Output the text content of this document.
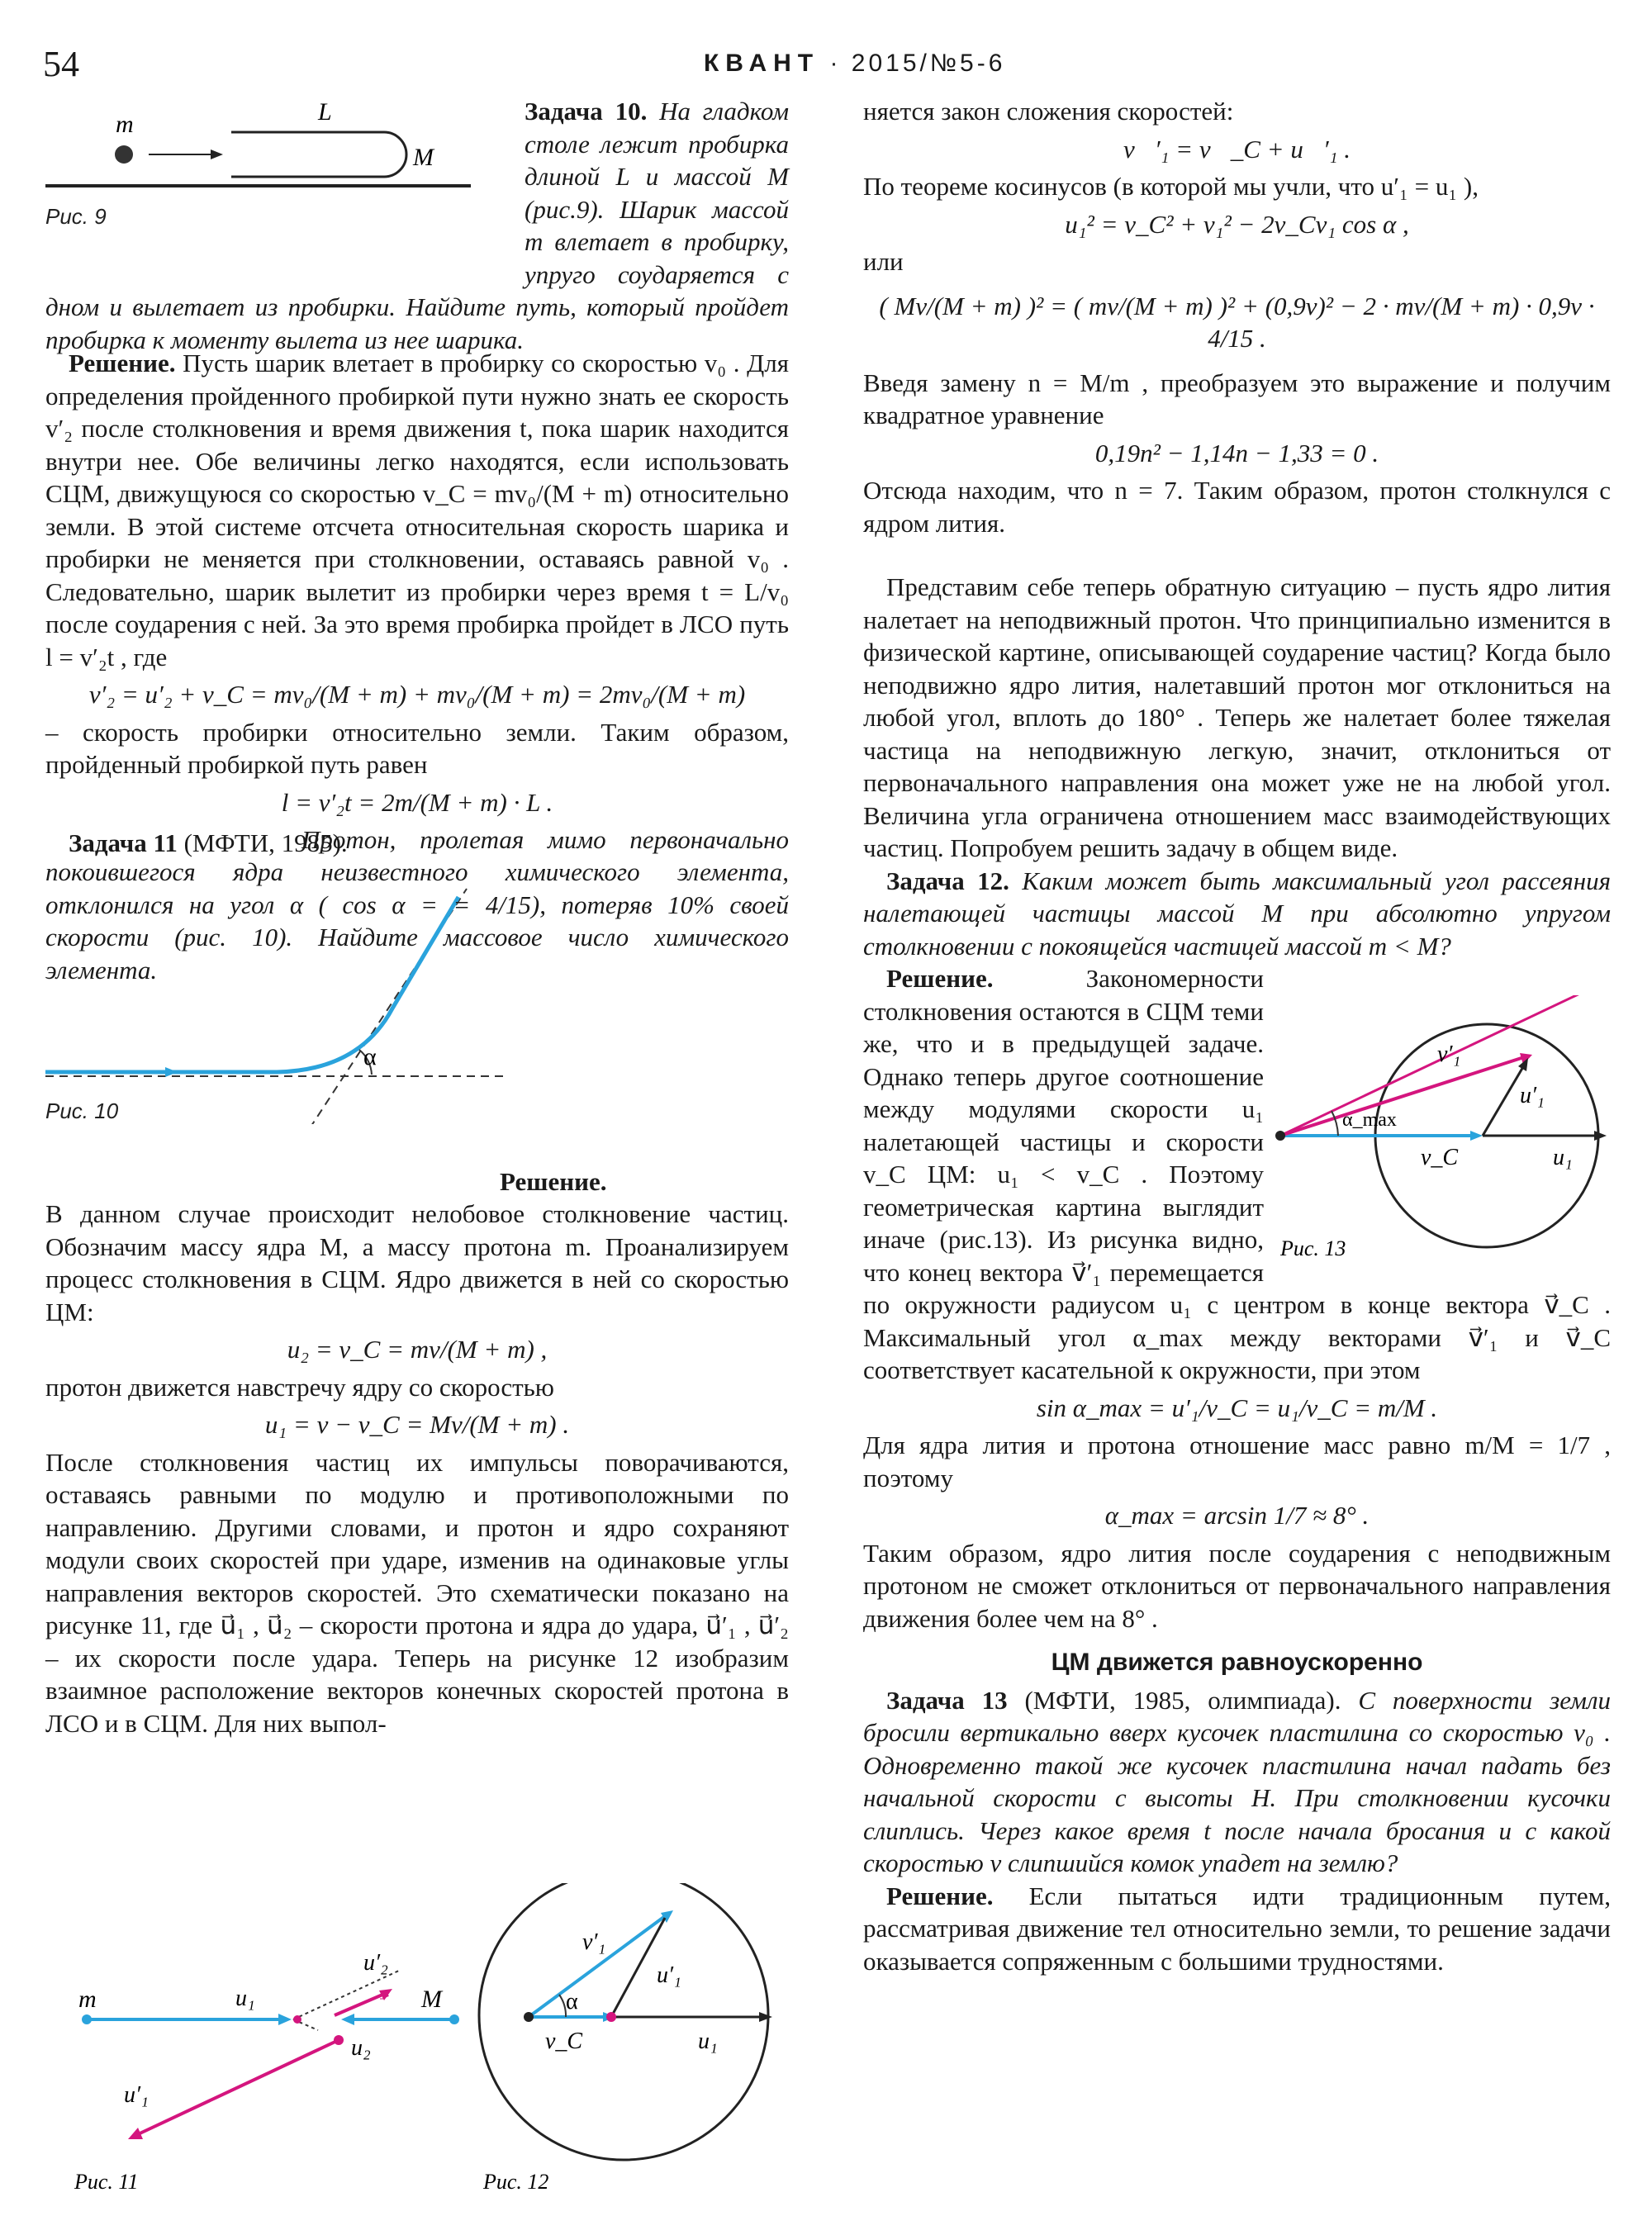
54	КВАНТ · 2015/№5-6
m	L
M
Рис. 9

Задача 10. На гладком столе лежит пробирка длиной L и массой M (рис.9). Шарик массой m влетает в пробирку, упруго соударяется с дном и вылетает из пробирки. Найдите путь, который пройдет пробирка к моменту вылета из нее шарика.

Решение. Пусть шарик влетает в пробирку со скоростью v₀ . Для определения пройденного пробиркой пути нужно знать ее скорость v′₂ после столкновения и время движения t, пока шарик находится внутри нее. Обе величины легко находятся, если использовать СЦМ, движущуюся со скоростью v_C = mv₀/(M + m) относительно земли. В этой системе отсчета относительная скорость шарика и пробирки не меняется при столкновении, оставаясь равной v₀ . Следовательно, шарик вылетит из пробирки через время t = L/v₀ после соударения с ней. За это время пробирка пройдет в ЛСО путь l = v′₂t , где

v′₂ = u′₂ + v_C = mv₀/(M + m) + mv₀/(M + m) = 2mv₀/(M + m)

– скорость пробирки относительно земли. Таким образом, пройденный пробиркой путь равен

l = v′₂t = 2m/(M + m) · L .

Задача 11 (МФТИ, 1985).

α
Рис. 10

Протон, пролетая мимо первоначально покоившегося ядра неизвестного химического элемента, отклонился на угол α ( cos α = = 4/15), потеряв 10% своей скорости (рис. 10). Найдите массовое число химического элемента.

Решение.

В данном случае происходит нелобовое столкновение частиц. Обозначим массу ядра M, а массу протона m. Проанализируем процесс столкновения в СЦМ. Ядро движется в ней со скоростью ЦМ:

u₂ = v_C = mv/(M + m) ,

протон движется навстречу ядру со скоростью

u₁ = v − v_C = Mv/(M + m) .

После столкновения частиц их импульсы поворачиваются, оставаясь равными по модулю и противоположными по направлению. Другими словами, и протон и ядро сохраняют модули своих скоростей при ударе, изменив на одинаковые углы направления векторов скоростей. Это схематически показано на рисунке 11, где u⃗₁ , u⃗₂ – скорости протона и ядра до удара, u⃗′₁ , u⃗′₂ – их скорости после удара. Теперь на рисунке 12 изобразим взаимное расположение векторов конечных скоростей протона в ЛСО и в СЦМ. Для них выпол-

m	M
u₁
u₂
u′₂
u′₁
Рис. 11
α
v′₁
u′₁
v_C	u₁
Рис. 12

няется закон сложения скоростей:

v⃗′₁ = v⃗_C + u⃗′₁ .

По теореме косинусов (в которой мы учли, что u′₁ = u₁ ),

u₁² = v_C² + v₁² − 2v_Cv₁ cos α ,

или

( Mv/(M + m) )² = ( mv/(M + m) )² + (0,9v)² − 2 · mv/(M + m) · 0,9v · 4/15 .

Введя замену n = M/m , преобразуем это выражение и получим квадратное уравнение

0,19n² − 1,14n − 1,33 = 0 .

Отсюда находим, что n = 7. Таким образом, протон столкнулся с ядром лития.

Представим себе теперь обратную ситуацию – пусть ядро лития налетает на неподвижный протон. Что принципиально изменится в физической картине, описывающей соударение частиц? Когда было неподвижно ядро лития, налетавший протон мог отклониться на любой угол, вплоть до 180° . Теперь же налетает более тяжелая частица на неподвижную легкую, значит, отклониться от первоначального направления она может уже не на любой угол. Величина угла ограничена отношением масс взаимодействующих частиц. Попробуем решить задачу в общем виде.

Задача 12. Каким может быть максимальный угол рассеяния налетающей частицы массой M при абсолютно упругом столкновении с покоящейся частицей массой m < M?

α_max
v′₁
u′₁
v_C	u₁
Рис. 13

Решение.	Закономерности столкновения остаются в СЦМ теми же, что и в предыдущей задаче. Однако теперь другое соотношение между модулями скорости u₁ налетающей частицы и скорости v_C ЦМ: u₁ < v_C . Поэтому геометрическая картина выглядит иначе (рис.13). Из рисунка видно, что конец вектора v⃗′₁ перемещается по окружности радиусом u₁ с центром в конце вектора v⃗_C . Максимальный угол α_max между векторами v⃗′₁ и v⃗_C соответствует касательной к окружности, при этом

sin α_max = u′₁/v_C = u₁/v_C = m/M .

Для ядра лития и протона отношение масс равно m/M = 1/7 , поэтому

α_max = arcsin 1/7 ≈ 8° .

Таким образом, ядро лития после соударения с неподвижным протоном не сможет отклониться от первоначального направления движения более чем на 8° .

ЦМ движется равноускоренно

Задача 13 (МФТИ, 1985, олимпиада). С поверхности земли бросили вертикально вверх кусочек пластилина со скоростью v₀ . Одновременно такой же кусочек пластилина начал падать без начальной скорости с высоты H. При столкновении кусочки слиплись. Через какое время t после начала бросания и с какой скоростью v слипшийся комок упадет на землю?

Решение. Если пытаться идти традиционным путем, рассматривая движение тел относительно земли, то решение задачи оказывается сопряженным с большими трудностями.
